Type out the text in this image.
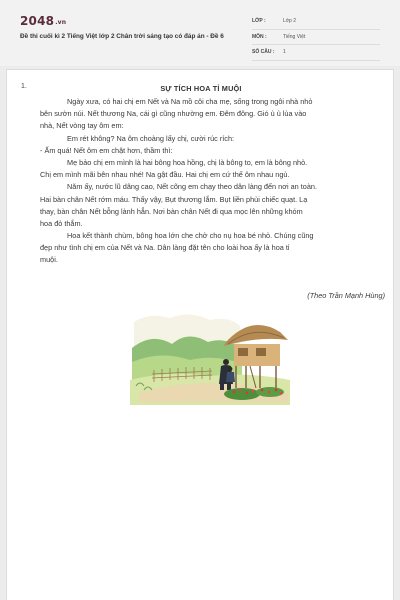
2048.vn
Đề thi cuối kì 2 Tiếng Việt lớp 2 Chân trời sáng tạo có đáp án - Đề 6
LỚP :	Lớp 2
MÔN :	Tiếng Việt
SỐ CÂU :	1
1.	SỰ TÍCH HOA TỈ MUỘI
Ngày xưa, có hai chị em Nết và Na mồ côi cha mẹ, sống trong ngôi nhà nhỏ
bên sườn núi. Nết thương Na, cái gì cũng nhường em. Đêm đông. Gió ù ù lùa vào
nhà, Nết vòng tay ôm em:
Em rét không? Na ôm choàng lấy chị, cười rúc rích:
- Ấm quá! Nết ôm em chặt hơn, thầm thì:
Mẹ bảo chị em mình là hai bông hoa hồng, chị là bông to, em là bông nhỏ.
Chị em mình mãi bên nhau nhé! Na gật đầu. Hai chị em cứ thế ôm nhau ngủ.
Năm ấy, nước lũ dâng cao, Nết cõng em chạy theo dân làng đến nơi an toàn.
Hai bàn chân Nết rớm máu. Thấy vậy, Bụt thương lắm. Bụt liền phủi chiếc quạt. Lạ
thay, bàn chân Nết bỗng lành hẳn. Nơi bàn chân Nết đi qua mọc lên những khóm
hoa đỏ thắm.
Hoa kết thành chùm, bông hoa lớn che chở cho nụ hoa bé nhỏ. Chúng cũng
đẹp như tình chị em của Nết và Na. Dân làng đặt tên cho loài hoa ấy là hoa tỉ
muội.
(Theo Trần Mạnh Hùng)
